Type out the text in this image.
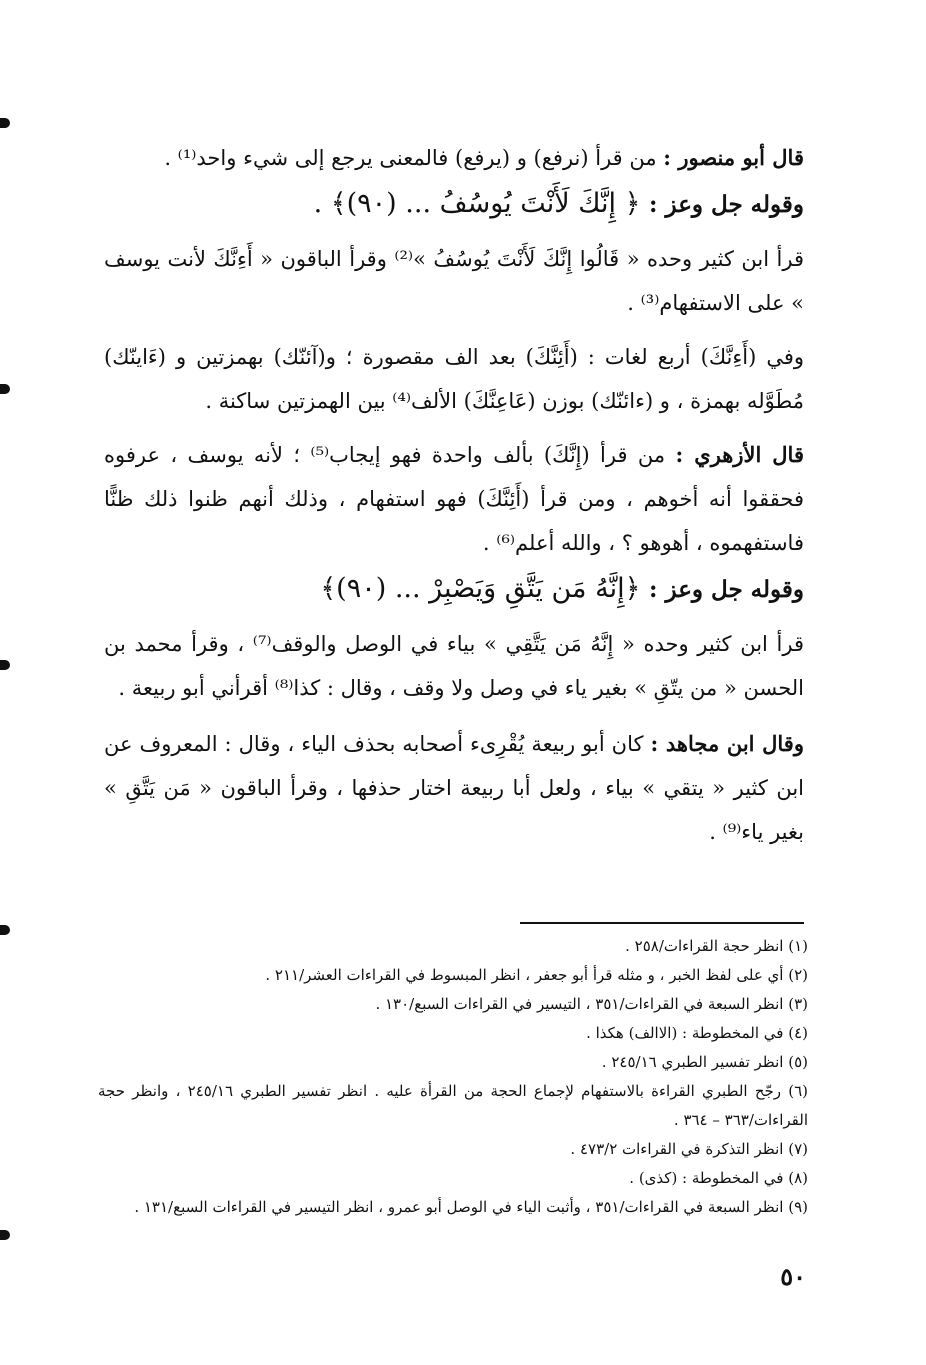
قال أبو منصور : من قرأ (نرفع) و (يرفع) فالمعنى يرجع إلى شيء واحد⁽¹⁾ .

وقوله جل وعز : ﴿ إِنَّكَ لَأَنْتَ يُوسُفُ ... (٩٠)﴾ .

قرأ ابن كثير وحده « قَالُوا إِنَّكَ لَأَنْتَ يُوسُفُ »⁽²⁾ وقرأ الباقون « أَءِنَّكَ لأنت يوسف » على الاستفهام⁽³⁾ .

وفي (أَءِنَّكَ) أربع لغات : (أَئِنَّكَ) بعد الف مقصورة ؛ و(آئنّك) بهمزتين و (ءَاينّك) مُطَوَّله بهمزة ، و (ءائنّك) بوزن (عَاعِنَّكَ) الألف⁽⁴⁾ بين الهمزتين ساكنة .

قال الأزهري : من قرأ (إِنَّكَ) بألف واحدة فهو إيجاب⁽⁵⁾ ؛ لأنه يوسف ، عرفوه فحققوا أنه أخوهم ، ومن قرأ (أَئِنَّكَ) فهو استفهام ، وذلك أنهم ظنوا ذلك ظنًّا فاستفهموه ، أهوهو ؟ ، والله أعلم⁽⁶⁾ .

وقوله جل وعز : ﴿إِنَّهُ مَن يَتَّقِ وَيَصْبِرْ ... (٩٠)﴾

قرأ ابن كثير وحده « إِنَّهُ مَن يَتَّقِي » بياء في الوصل والوقف⁽⁷⁾ ، وقرأ محمد بن الحسن « من يتّقِ » بغير ياء في وصل ولا وقف ، وقال : كذا⁽⁸⁾ أقرأني أبو ربيعة .

وقال ابن مجاهد : كان أبو ربيعة يُقْرِىء أصحابه بحذف الياء ، وقال : المعروف عن ابن كثير « يتقي » بياء ، ولعل أبا ربيعة اختار حذفها ، وقرأ الباقون « مَن يَتَّقِ » بغير ياء⁽⁹⁾ .

(١) انظر حجة القراءات/٢٥٨ .

(٢) أي على لفظ الخبر ، و مثله قرأ أبو جعفر ، انظر المبسوط في القراءات العشر/٢١١ .

(٣) انظر السبعة في القراءات/٣٥١ ، التيسير في القراءات السبع/١٣٠ .

(٤) في المخطوطة : (الاالف) هكذا .

(٥) انظر تفسير الطبري ٢٤٥/١٦ .

(٦) رجّح الطبري القراءة بالاستفهام لإجماع الحجة من القرأة عليه . انظر تفسير الطبري ٢٤٥/١٦ ، وانظر حجة القراءات/٣٦٣ – ٣٦٤ .

(٧) انظر التذكرة في القراءات ٤٧٣/٢ .

(٨) في المخطوطة : (كذى) .

(٩) انظر السبعة في القراءات/٣٥١ ، وأثبت الياء في الوصل أبو عمرو ، انظر التيسير في القراءات السبع/١٣١ .

٥٠
